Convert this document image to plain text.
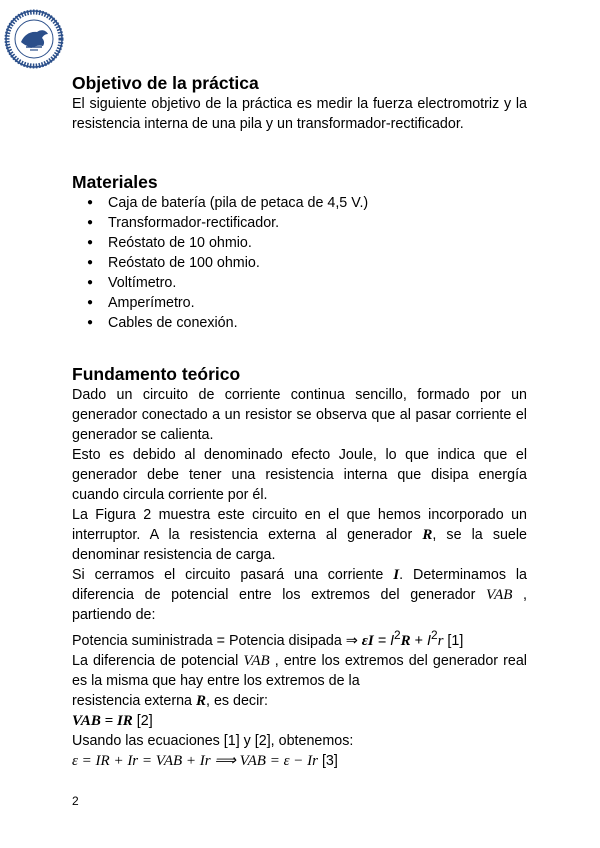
Objetivo de la práctica

El siguiente objetivo de la práctica es medir la fuerza electromotriz y la resistencia interna de una pila y un transformador-rectificador.

Materiales
● Caja de batería (pila de petaca de 4,5 V.)
● Transformador-rectificador.
● Reóstato de 10 ohmio.
● Reóstato de 100 ohmio.
● Voltímetro.
● Amperímetro.
● Cables de conexión.
Fundamento teórico

Dado un circuito de corriente continua sencillo, formado por un generador conectado a un resistor se observa que al pasar corriente el generador se calienta.

Esto es debido al denominado efecto Joule, lo que indica que el generador debe tener una resistencia interna que disipa energía cuando circula corriente por él.

La Figura 2 muestra este circuito en el que hemos incorporado un interruptor. A la resistencia externa al generador R, se la suele denominar resistencia de carga.

Si cerramos el circuito pasará una corriente I. Determinamos la diferencia de potencial entre los extremos del generador VAB , partiendo de:

Potencia suministrada = Potencia disipada ⇒ $\varepsilon I = I^2R + I^2r$ [1]

La diferencia de potencial VAB , entre los extremos del generador real es la misma que hay entre los extremos de la

resistencia externa R, es decir:

VAB = IR [2]

Usando las ecuaciones [1] y [2], obtenemos:

ε = IR + Ir = VAB + Ir ⟹ VAB = ε − Ir [3]

2
